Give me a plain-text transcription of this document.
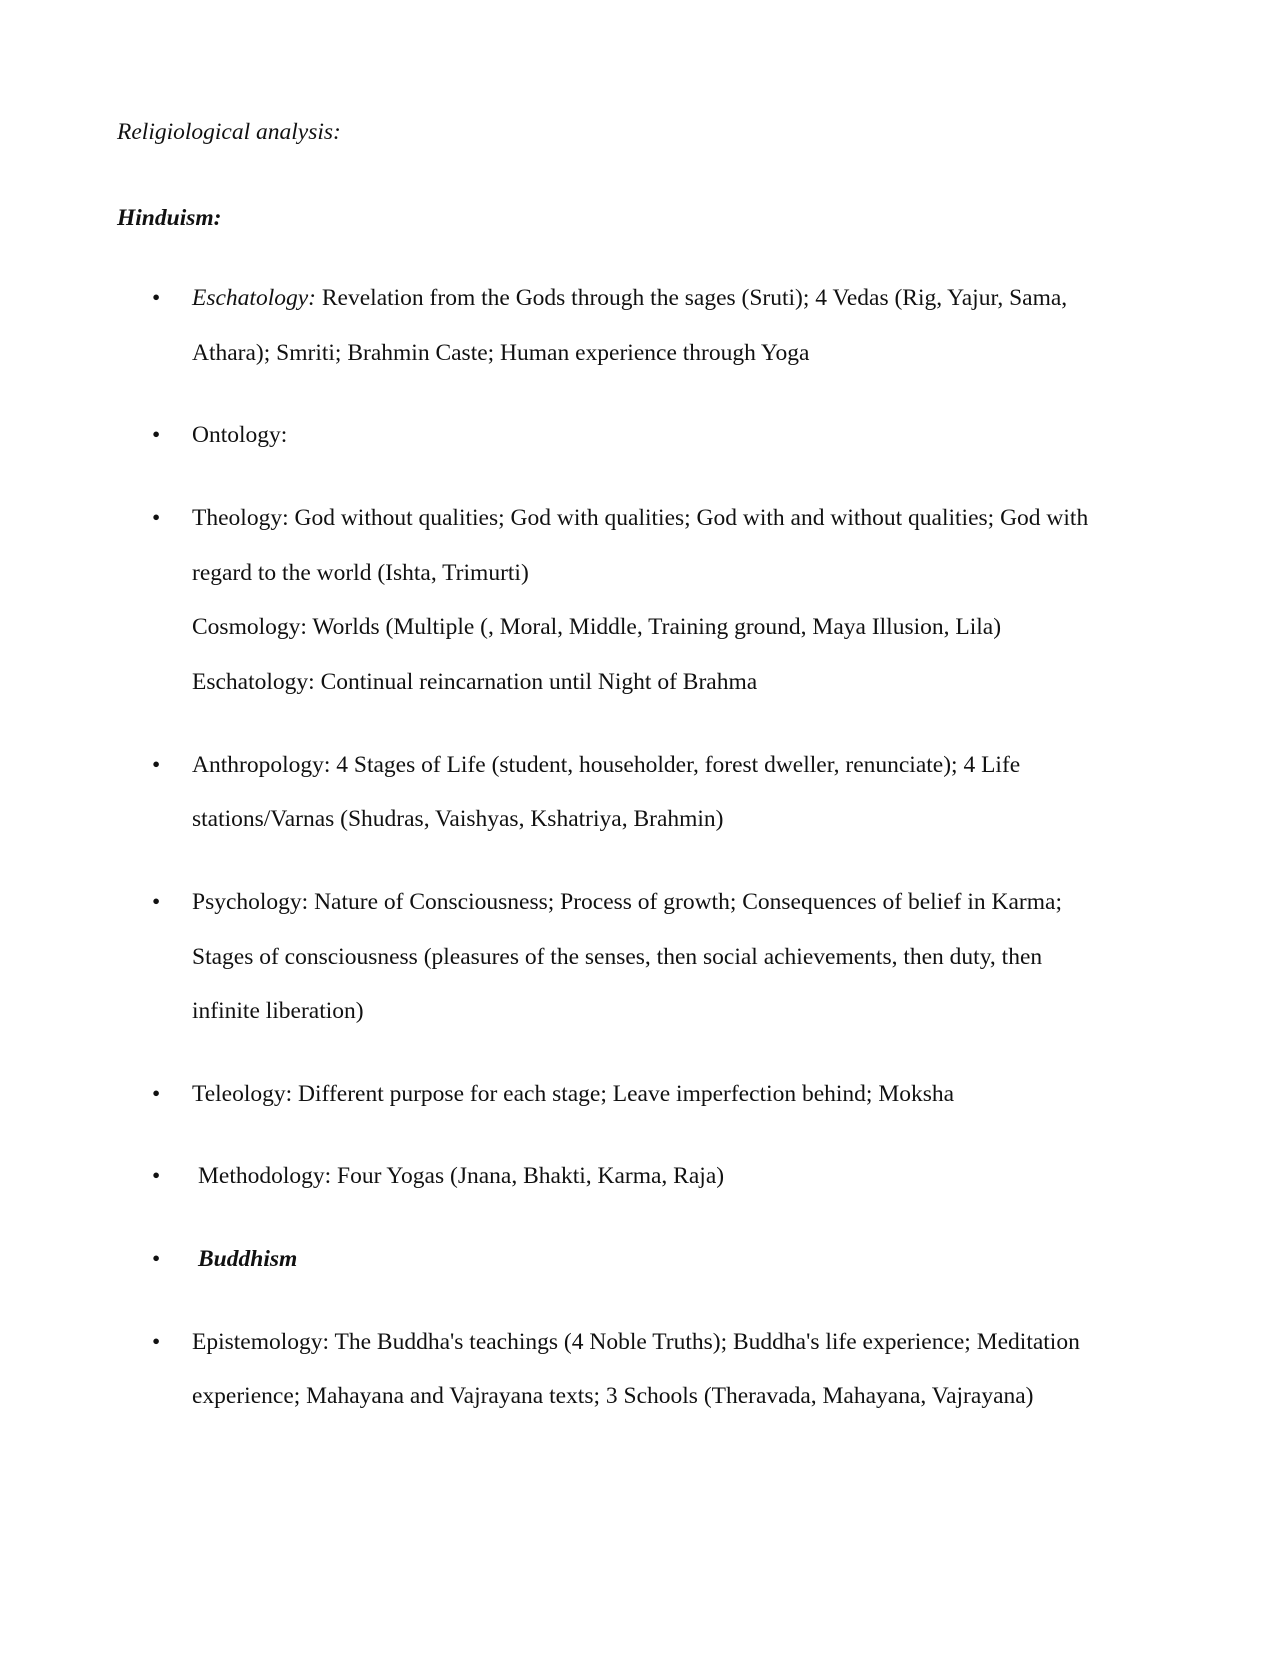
Religiological analysis:
Hinduism:
• Eschatology: Revelation from the Gods through the sages (Sruti); 4 Vedas (Rig, Yajur, Sama,
Athara); Smriti; Brahmin Caste; Human experience through Yoga
• Ontology:
• Theology: God without qualities; God with qualities; God with and without qualities; God with
regard to the world (Ishta, Trimurti)
Cosmology: Worlds (Multiple (, Moral, Middle, Training ground, Maya Illusion, Lila)
Eschatology: Continual reincarnation until Night of Brahma
• Anthropology: 4 Stages of Life (student, householder, forest dweller, renunciate); 4 Life
stations/Varnas (Shudras, Vaishyas, Kshatriya, Brahmin)
• Psychology: Nature of Consciousness; Process of growth; Consequences of belief in Karma;
Stages of consciousness (pleasures of the senses, then social achievements, then duty, then
infinite liberation)
• Teleology: Different purpose for each stage; Leave imperfection behind; Moksha
• Methodology: Four Yogas (Jnana, Bhakti, Karma, Raja)
• Buddhism
• Epistemology: The Buddha's teachings (4 Noble Truths); Buddha's life experience; Meditation
experience; Mahayana and Vajrayana texts; 3 Schools (Theravada, Mahayana, Vajrayana)
